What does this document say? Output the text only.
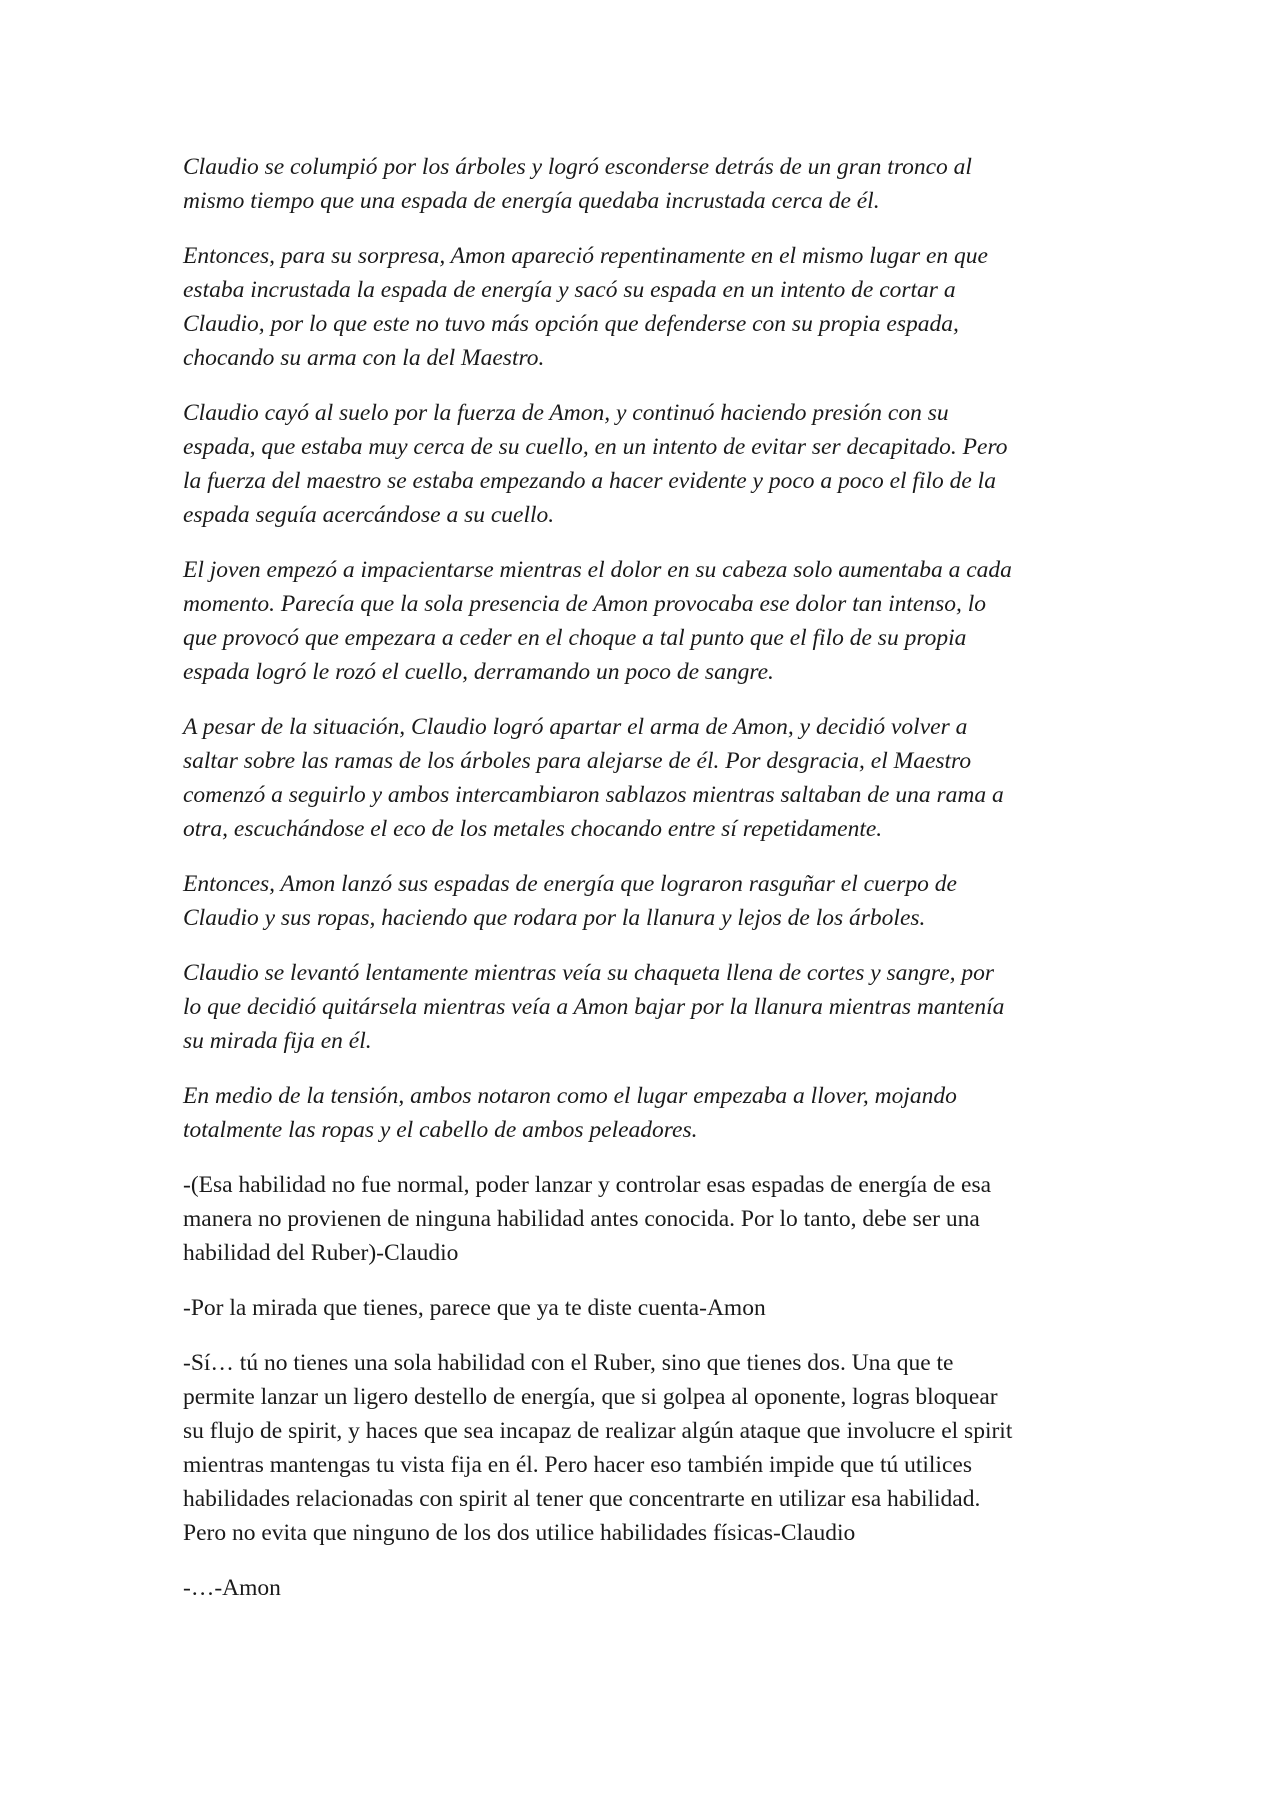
Claudio se columpió por los árboles y logró esconderse detrás de un gran tronco al
mismo tiempo que una espada de energía quedaba incrustada cerca de él.

Entonces, para su sorpresa, Amon apareció repentinamente en el mismo lugar en que
estaba incrustada la espada de energía y sacó su espada en un intento de cortar a
Claudio, por lo que este no tuvo más opción que defenderse con su propia espada,
chocando su arma con la del Maestro.

Claudio cayó al suelo por la fuerza de Amon, y continuó haciendo presión con su
espada, que estaba muy cerca de su cuello, en un intento de evitar ser decapitado. Pero
la fuerza del maestro se estaba empezando a hacer evidente y poco a poco el filo de la
espada seguía acercándose a su cuello.

El joven empezó a impacientarse mientras el dolor en su cabeza solo aumentaba a cada
momento. Parecía que la sola presencia de Amon provocaba ese dolor tan intenso, lo
que provocó que empezara a ceder en el choque a tal punto que el filo de su propia
espada logró le rozó el cuello, derramando un poco de sangre.

A pesar de la situación, Claudio logró apartar el arma de Amon, y decidió volver a
saltar sobre las ramas de los árboles para alejarse de él. Por desgracia, el Maestro
comenzó a seguirlo y ambos intercambiaron sablazos mientras saltaban de una rama a
otra, escuchándose el eco de los metales chocando entre sí repetidamente.

Entonces, Amon lanzó sus espadas de energía que lograron rasguñar el cuerpo de
Claudio y sus ropas, haciendo que rodara por la llanura y lejos de los árboles.

Claudio se levantó lentamente mientras veía su chaqueta llena de cortes y sangre, por
lo que decidió quitársela mientras veía a Amon bajar por la llanura mientras mantenía
su mirada fija en él.

En medio de la tensión, ambos notaron como el lugar empezaba a llover, mojando
totalmente las ropas y el cabello de ambos peleadores.

-(Esa habilidad no fue normal, poder lanzar y controlar esas espadas de energía de esa
manera no provienen de ninguna habilidad antes conocida. Por lo tanto, debe ser una
habilidad del Ruber)-Claudio

-Por la mirada que tienes, parece que ya te diste cuenta-Amon

-Sí… tú no tienes una sola habilidad con el Ruber, sino que tienes dos. Una que te
permite lanzar un ligero destello de energía, que si golpea al oponente, logras bloquear
su flujo de spirit, y haces que sea incapaz de realizar algún ataque que involucre el spirit
mientras mantengas tu vista fija en él. Pero hacer eso también impide que tú utilices
habilidades relacionadas con spirit al tener que concentrarte en utilizar esa habilidad.
Pero no evita que ninguno de los dos utilice habilidades físicas-Claudio

-…-Amon
